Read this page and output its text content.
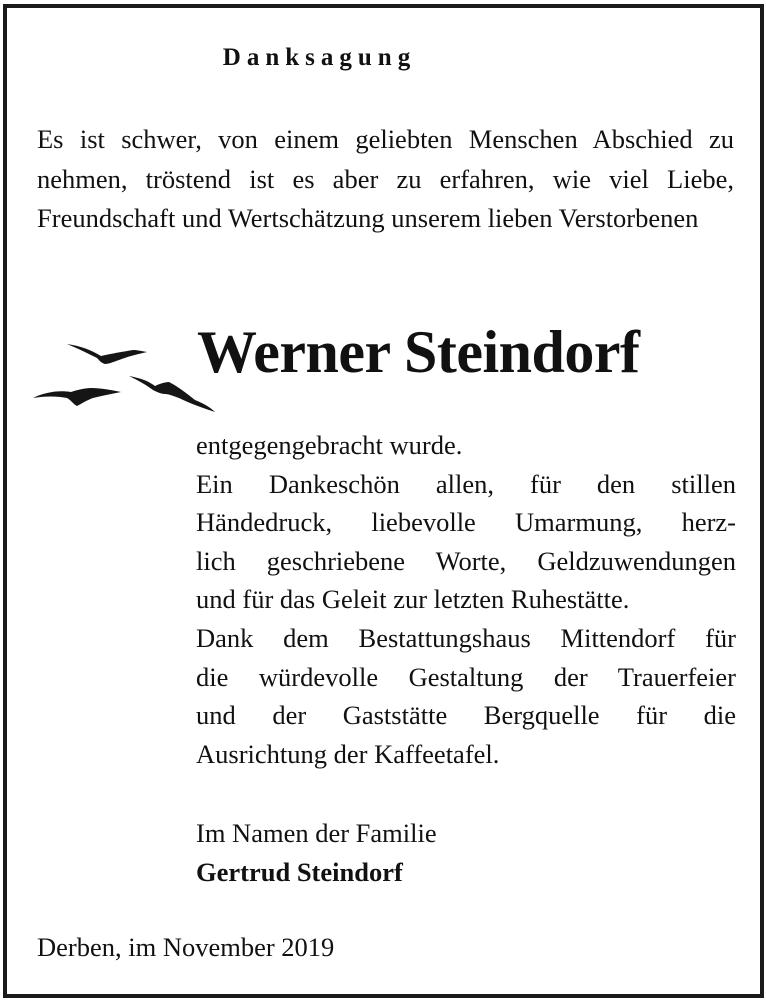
Danksagung

Es ist schwer, von einem geliebten Menschen Abschied zu nehmen, tröstend ist es aber zu erfahren, wie viel Liebe, Freundschaft und Wertschätzung unserem lieben Verstorbenen

Werner Steindorf
entgegengebracht wurde.
Ein Dankeschön allen, für den stillen
Händedruck, liebevolle Umarmung, herz-
lich geschriebene Worte, Geldzuwendungen
und für das Geleit zur letzten Ruhestätte.
Dank dem Bestattungshaus Mittendorf für
die würdevolle Gestaltung der Trauerfeier
und der Gaststätte Bergquelle für die
Ausrichtung der Kaffeetafel.
Im Namen der Familie
Gertrud Steindorf
Derben, im November 2019
